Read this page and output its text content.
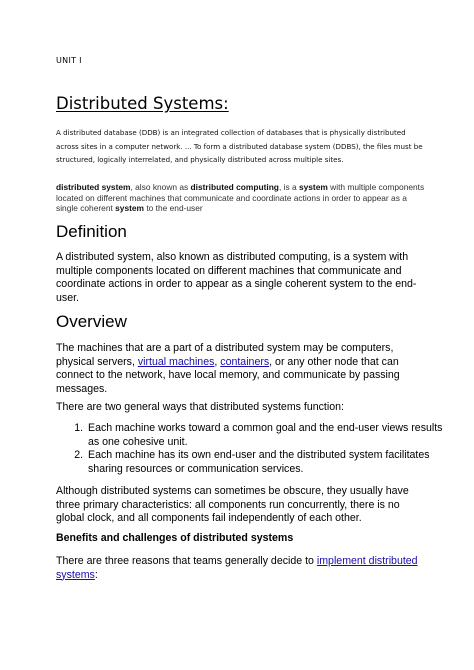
UNIT I
Distributed Systems:

A distributed database (DDB) is an integrated collection of databases that is physically distributed across sites in a computer network. ... To form a distributed database system (DDBS), the files must be structured, logically interrelated, and physically distributed across multiple sites.

distributed system, also known as distributed computing, is a system with multiple components located on different machines that communicate and coordinate actions in order to appear as a single coherent system to the end-user

Definition

A distributed system, also known as distributed computing, is a system with multiple components located on different machines that communicate and coordinate actions in order to appear as a single coherent system to the end-user.

Overview

The machines that are a part of a distributed system may be computers, physical servers, virtual machines, containers, or any other node that can connect to the network, have local memory, and communicate by passing messages.

There are two general ways that distributed systems function:

1. Each machine works toward a common goal and the end-user views results as one cohesive unit.
2. Each machine has its own end-user and the distributed system facilitates sharing resources or communication services.

Although distributed systems can sometimes be obscure, they usually have three primary characteristics: all components run concurrently, there is no global clock, and all components fail independently of each other.

Benefits and challenges of distributed systems

There are three reasons that teams generally decide to implement distributed systems:
